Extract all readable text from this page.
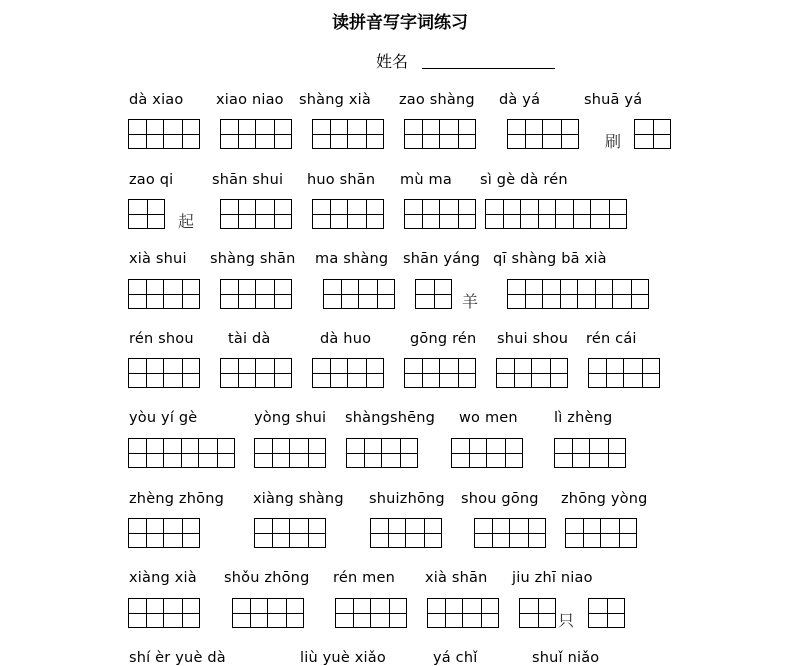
读拼音写字词练习
姓名
dà xiao xiao niao shàng xià zao shàng dà yá	shuā yá
刷
zao qi	shān shui huo shān mù ma sì gè dà rén
起
xià shui shàng shān ma shàng shān yáng qī shàng bā xià
羊
rén shou tài dà	dà huo	gōng rén shui shou rén cái
yòu yí gè	yòng shui shàngshēng wo men lì zhèng
zhèng zhōng xiàng shàng shuizhōng shou gōng zhōng yòng
xiàng xià shǒu zhōng rén men xià shān jiu zhī niao
只
shí èr yuè dà	liù yuè xiǎo	yá chǐ	shuǐ niǎo
